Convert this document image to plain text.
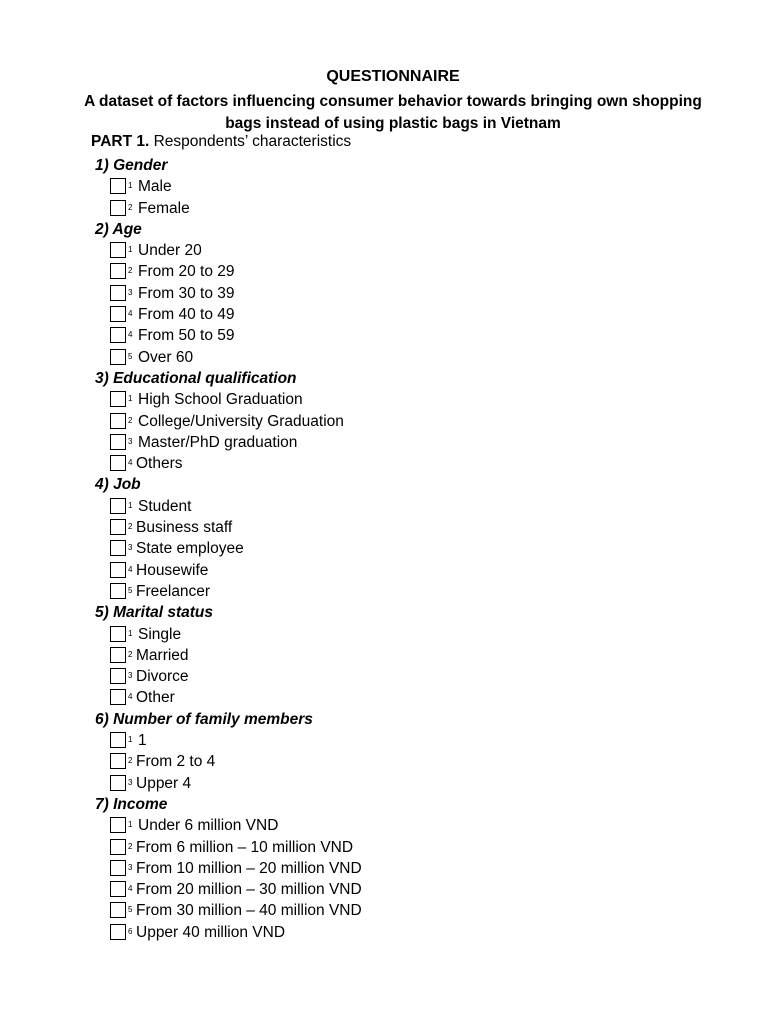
QUESTIONNAIRE
A dataset of factors influencing consumer behavior towards bringing own shopping bags instead of using plastic bags in Vietnam
PART 1. Respondents’ characteristics
1) Gender
1 Male
2 Female
2) Age
1 Under 20
2 From 20 to 29
3 From 30 to 39
4 From 40 to 49
4 From 50 to 59
5 Over 60
3) Educational qualification
1 High School Graduation
2 College/University Graduation
3 Master/PhD graduation
4 Others
4) Job
1 Student
2 Business staff
3 State employee
4 Housewife
5 Freelancer
5) Marital status
1 Single
2 Married
3 Divorce
4 Other
6) Number of family members
1 1
2 From 2 to 4
3 Upper 4
7) Income
1 Under 6 million VND
2 From 6 million – 10 million VND
3 From 10 million – 20 million VND
4 From 20 million – 30 million VND
5 From 30 million – 40 million VND
6 Upper 40 million VND
